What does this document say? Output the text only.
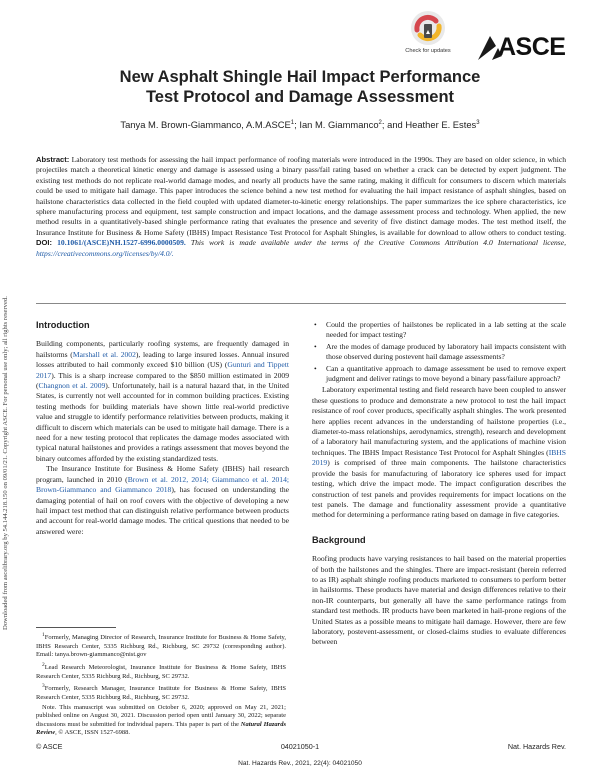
Downloaded from ascelibrary.org by 54.144.218.150 on 09/01/21. Copyright ASCE. For personal use only; all rights reserved.
Check for updates ASCE
New Asphalt Shingle Hail Impact Performance
Test Protocol and Damage Assessment
Tanya M. Brown-Giammanco, A.M.ASCE$^1$; Ian M. Giammanco$^2$; and Heather E. Estes$^3$
Abstract: Laboratory test methods for assessing the hail impact performance of roofing materials were introduced in the 1990s. They are based on older science, in which projectiles match a theoretical kinetic energy and damage is assessed using a binary pass/fail rating based on whether a crack can be detected by expert judgment. The existing test methods do not replicate real-world damage modes, and nearly all products have the same rating, making it difficult for consumers to discern which materials could be used to mitigate hail damage. This paper introduces the science behind a new test method for evaluating the hail impact resistance of asphalt shingles, based on hailstone characteristics data collected in the field coupled with updated diameter-to-kinetic energy relationships. The paper summarizes the ice sphere characteristics, ice sphere manufacturing process and equipment, test sample construction and impact locations, and the damage assessment process and technology. When applied, the new method results in a quantitatively-based shingle performance rating that evaluates the presence and severity of five distinct damage modes. The test method itself, the Insurance Institute for Business & Home Safety (IBHS) Impact Resistance Test Protocol for Asphalt Shingles, is available for download to allow others to conduct testing. DOI: 10.1061/(ASCE)NH.1527-6996.0000509. This work is made available under the terms of the Creative Commons Attribution 4.0 International license, https://creativecommons.org/licenses/by/4.0/.
Introduction

Building components, particularly roofing systems, are frequently damaged in hailstorms (Marshall et al. 2002), leading to large insured losses. Annual insured losses attributed to hail commonly exceed $10 billion (US) (Gunturi and Tippett 2017). This is a sharp increase compared to the $850 million estimated in 2009 (Changnon et al. 2009). Unfortunately, hail is a natural hazard that, in the United States, is currently not well accounted for in common building practices. Existing testing methods for building materials have shown little real-world predictive value and struggle to identify performance relativities between products, making it difficult to discern which materials can be used to mitigate hail damage. There is a need for a new testing protocol that replicates the damage modes associated with typical natural hailstones and provides a ratings assessment that moves beyond the binary outcomes afforded by the existing standardized tests.

The Insurance Institute for Business & Home Safety (IBHS) hail research program, launched in 2010 (Brown et al. 2012, 2014; Giammanco et al. 2014; Brown-Giammanco and Giammanco 2018), has focused on understanding the damaging potential of hail on roof covers with the objective of developing a new hail impact test method that can distinguish relative performance between products and account for real-world damage modes. The critical questions that needed to be answered were:

$^1$Formerly, Managing Director of Research, Insurance Institute for Business & Home Safety, IBHS Research Center, 5335 Richburg Rd., Richburg, SC 29732 (corresponding author). Email: tanya.brown-giammanco@nist.gov

$^2$Lead Research Meteorologist, Insurance Institute for Business & Home Safety, IBHS Research Center, 5335 Richburg Rd., Richburg, SC 29732.

$^3$Formerly, Research Manager, Insurance Institute for Business & Home Safety, IBHS Research Center, 5335 Richburg Rd., Richburg, SC 29732.

Note. This manuscript was submitted on October 6, 2020; approved on May 21, 2021; published online on August 30, 2021. Discussion period open until January 30, 2022; separate discussions must be submitted for individual papers. This paper is part of the Natural Hazards Review, © ASCE, ISSN 1527-6988.

• Could the properties of hailstones be replicated in a lab setting at the scale needed for impact testing?
• Are the modes of damage produced by laboratory hail impacts consistent with those observed during postevent hail damage assessments?
• Can a quantitative approach to damage assessment be used to remove expert judgment and deliver ratings to move beyond a binary pass/failure approach?

Laboratory experimental testing and field research have been coupled to answer these questions to produce and demonstrate a new protocol to test the hail impact resistance of roof cover products, specifically asphalt shingles. The work presented here applies recent advances in the understanding of hailstone properties (i.e., diameter-to-mass relationships, aerodynamics, strength), research and development of a laboratory hail manufacturing system, and the applications of machine vision techniques. The IBHS Impact Resistance Test Protocol for Asphalt Shingles (IBHS 2019) is comprised of three main components. The hailstone characteristics provide the basis for manufacturing of laboratory ice spheres used for impact testing, which drive the impact mode. The impact configuration describes the construction of test panels and provides requirements for impact locations on the test panels. The damage and functionality assessment provide a quantitative method for determining a performance rating based on damage in five categories.

Background

Roofing products have varying resistances to hail based on the material properties of both the hailstones and the shingles. There are impact-resistant (herein referred to as IR) asphalt shingle roofing products marketed to consumers to perform better in hailstorms. These products have material and design differences relative to their non-IR counterparts, but generally all have the same performance ratings from standard test methods. IR products have been marketed in hail-prone regions of the United States as a possible means to mitigate hail damage. However, there are few laboratory, postevent-assessment, or closed-claims studies to evaluate differences between

© ASCE	04021050-1	Nat. Hazards Rev.
Nat. Hazards Rev., 2021, 22(4): 04021050
